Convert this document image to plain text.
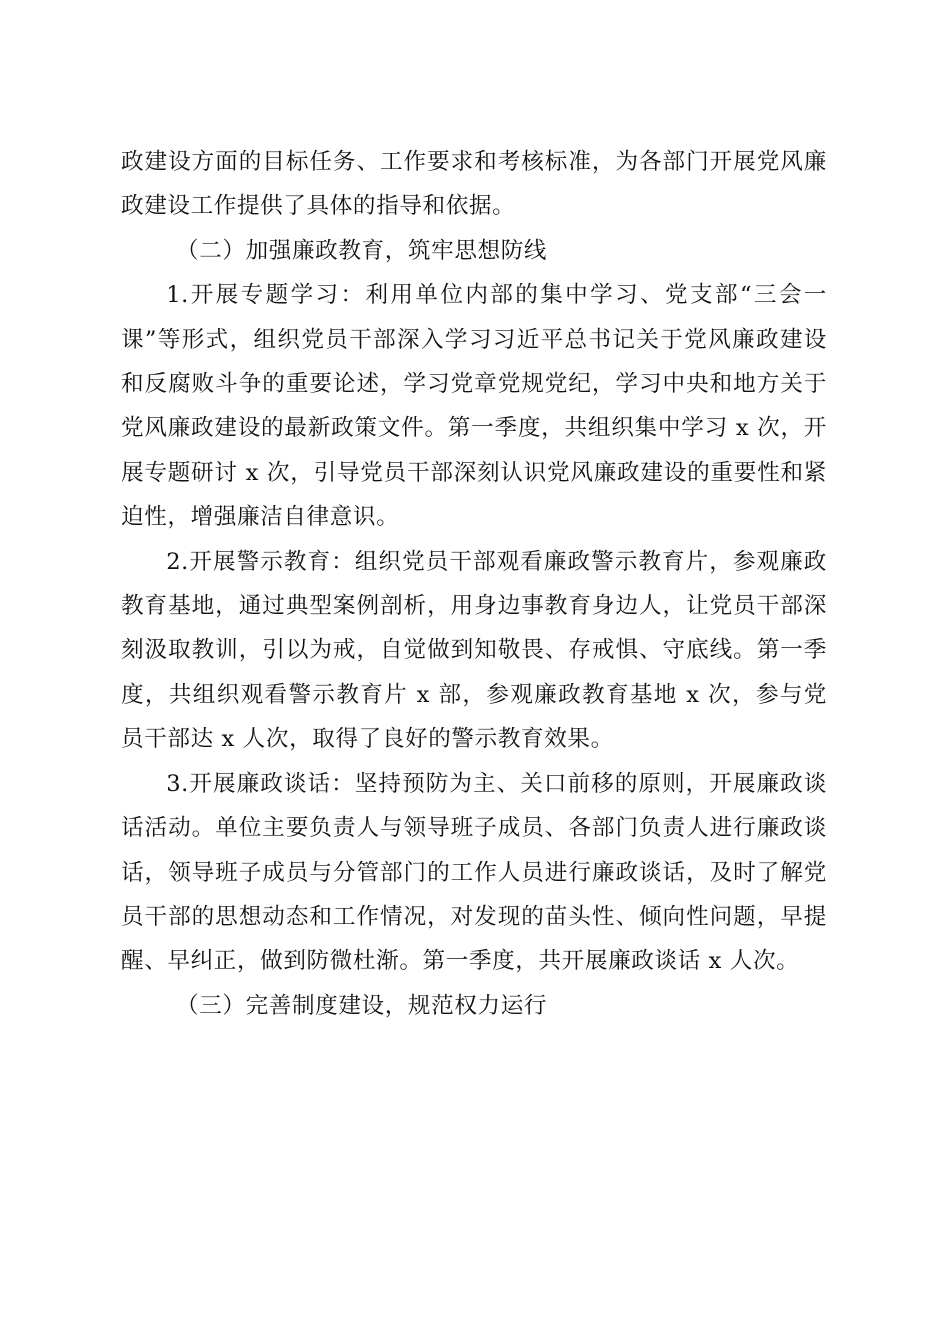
政建设方面的目标任务、工作要求和考核标准，为各部门开展党风廉政建设工作提供了具体的指导和依据。

（二）加强廉政教育，筑牢思想防线

1.开展专题学习：利用单位内部的集中学习、党支部“三会一课”等形式，组织党员干部深入学习习近平总书记关于党风廉政建设和反腐败斗争的重要论述，学习党章党规党纪，学习中央和地方关于党风廉政建设的最新政策文件。第一季度，共组织集中学习 x 次，开展专题研讨 x 次，引导党员干部深刻认识党风廉政建设的重要性和紧迫性，增强廉洁自律意识。

2.开展警示教育：组织党员干部观看廉政警示教育片，参观廉政教育基地，通过典型案例剖析，用身边事教育身边人，让党员干部深刻汲取教训，引以为戒，自觉做到知敬畏、存戒惧、守底线。第一季度，共组织观看警示教育片 x 部，参观廉政教育基地 x 次，参与党员干部达 x 人次，取得了良好的警示教育效果。

3.开展廉政谈话：坚持预防为主、关口前移的原则，开展廉政谈话活动。单位主要负责人与领导班子成员、各部门负责人进行廉政谈话，领导班子成员与分管部门的工作人员进行廉政谈话，及时了解党员干部的思想动态和工作情况，对发现的苗头性、倾向性问题，早提醒、早纠正，做到防微杜渐。第一季度，共开展廉政谈话 x 人次。

（三）完善制度建设，规范权力运行
